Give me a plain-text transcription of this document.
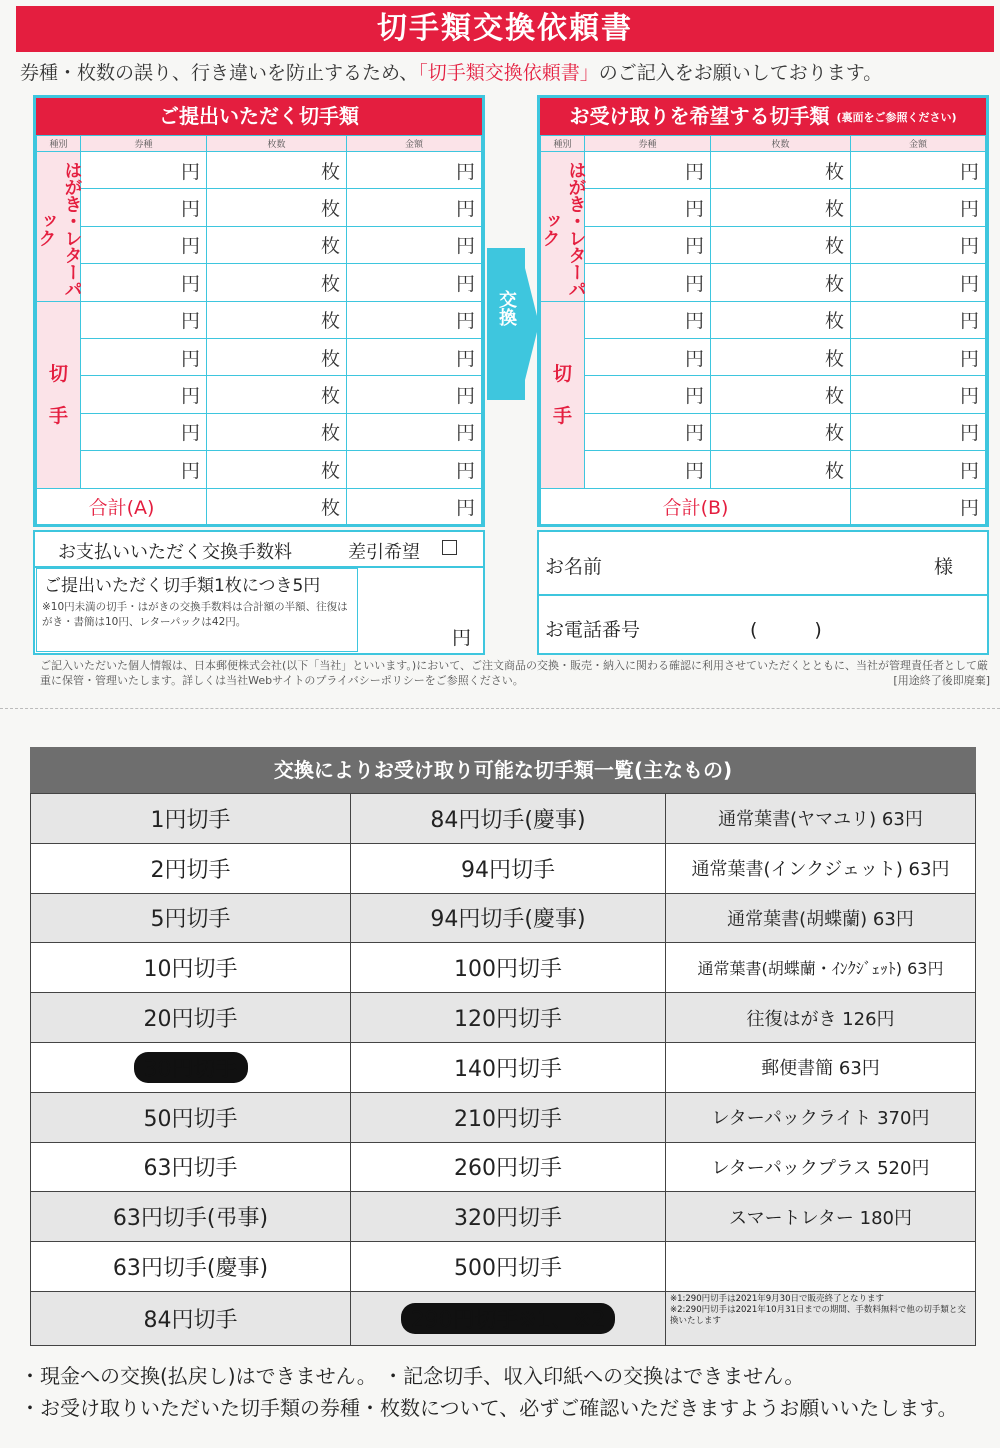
切手類交換依頼書
券種・枚数の誤り、行き違いを防止するため、「切手類交換依頼書」のご記入をお願いしております。
ご提出いただく切手類
種別	券種	枚数	金額
はがき・レターパック	円	枚	円
	円	枚	円
	円	枚	円
	円	枚	円

切
手	円	枚	円
	円	枚	円
	円	枚	円
	円	枚	円
	円	枚	円
合計(A)		枚	円
交換
お受け取りを希望する切手類 (裏面をご参照ください)
種別	券種	枚数	金額
はがき・レターパック	円	枚	円
	円	枚	円
	円	枚	円
	円	枚	円

切
手	円	枚	円
	円	枚	円
	円	枚	円
	円	枚	円
	円	枚	円
合計(B)			円
お支払いいただく交換手数料	差引希望
ご提出いただく切手類1枚につき5円
※10円未満の切手・はがきの交換手数料は合計額の半額、往復はがき・書簡は10円、レターパックは42円。
円
お名前	様
お電話番号	(　　　)
ご記入いただいた個人情報は、日本郵便株式会社(以下「当社」といいます。)において、ご注文商品の交換・販売・納入に関わる確認に利用させていただくとともに、当社が管理責任者として厳重に保管・管理いたします。詳しくは当社Webサイトのプライバシーポリシーをご参照ください。	[用途終了後即廃棄]
交換によりお受け取り可能な切手類一覧(主なもの)
1円切手	84円切手(慶事)	通常葉書(ヤマユリ) 63円
2円切手	94円切手	通常葉書(インクジェット) 63円
5円切手	94円切手(慶事)	通常葉書(胡蝶蘭) 63円
10円切手	100円切手	通常葉書(胡蝶蘭・ｲﾝｸｼﾞｪｯﾄ) 63円
20円切手	120円切手	往復はがき 126円
30円切手	140円切手	郵便書簡 63円
50円切手	210円切手	レターパックライト 370円
63円切手	260円切手	レターパックプラス 520円
63円切手(弔事)	320円切手	スマートレター 180円
63円切手(慶事)	500円切手	
84円切手	290円切手※1、※2	※1:290円切手は2021年9月30日で販売終了となります
※2:290円切手は2021年10月31日までの期間、手数料無料で他の切手類と交換いたします
・現金への交換(払戻し)はできません。 ・記念切手、収入印紙への交換はできません。
・お受け取りいただいた切手類の券種・枚数について、必ずご確認いただきますようお願いいたします。
